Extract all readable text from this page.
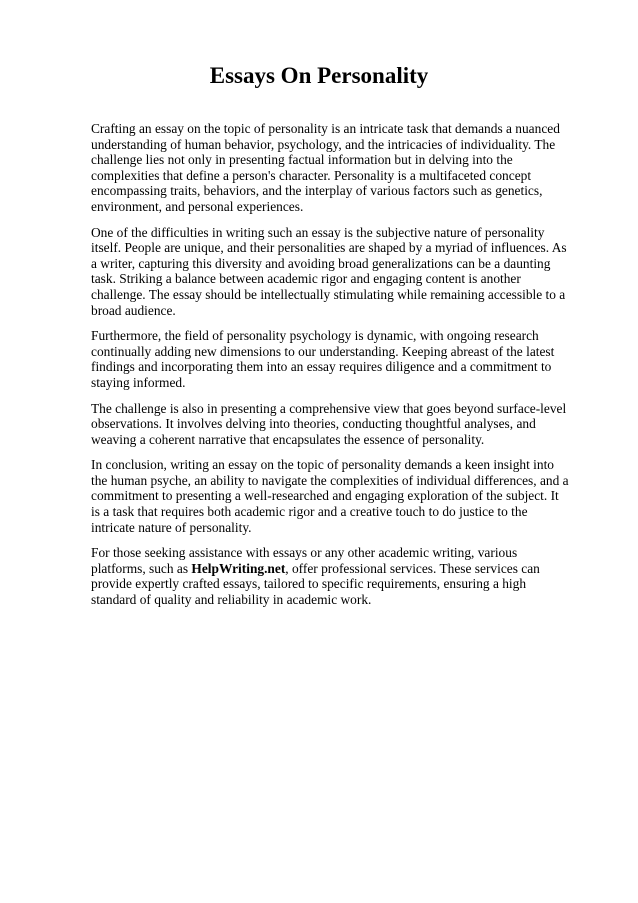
Essays On Personality

Crafting an essay on the topic of personality is an intricate task that demands a nuanced understanding of human behavior, psychology, and the intricacies of individuality. The challenge lies not only in presenting factual information but in delving into the complexities that define a person's character. Personality is a multifaceted concept encompassing traits, behaviors, and the interplay of various factors such as genetics, environment, and personal experiences.

One of the difficulties in writing such an essay is the subjective nature of personality itself. People are unique, and their personalities are shaped by a myriad of influences. As a writer, capturing this diversity and avoiding broad generalizations can be a daunting task. Striking a balance between academic rigor and engaging content is another challenge. The essay should be intellectually stimulating while remaining accessible to a broad audience.

Furthermore, the field of personality psychology is dynamic, with ongoing research continually adding new dimensions to our understanding. Keeping abreast of the latest findings and incorporating them into an essay requires diligence and a commitment to staying informed.

The challenge is also in presenting a comprehensive view that goes beyond surface-level observations. It involves delving into theories, conducting thoughtful analyses, and weaving a coherent narrative that encapsulates the essence of personality.

In conclusion, writing an essay on the topic of personality demands a keen insight into the human psyche, an ability to navigate the complexities of individual differences, and a commitment to presenting a well-researched and engaging exploration of the subject. It is a task that requires both academic rigor and a creative touch to do justice to the intricate nature of personality.

For those seeking assistance with essays or any other academic writing, various platforms, such as HelpWriting.net, offer professional services. These services can provide expertly crafted essays, tailored to specific requirements, ensuring a high standard of quality and reliability in academic work.
